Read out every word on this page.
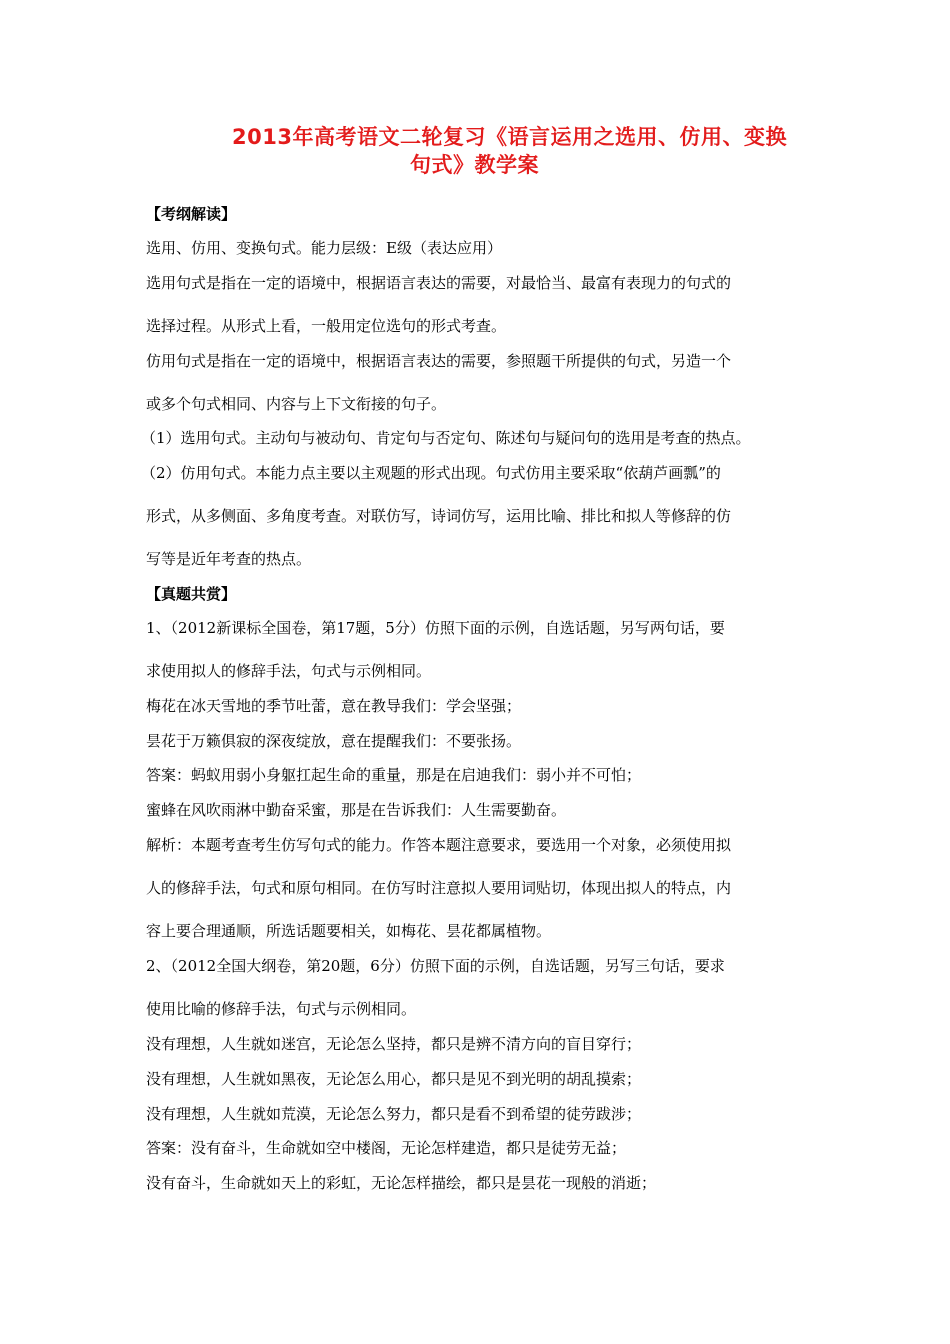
2013年高考语文二轮复习《语言运用之选用、仿用、变换
句式》教学案
【考纲解读】
选用、仿用、变换句式。能力层级：E级（表达应用）
选用句式是指在一定的语境中，根据语言表达的需要，对最恰当、最富有表现力的句式的
选择过程。从形式上看，一般用定位选句的形式考查。
仿用句式是指在一定的语境中，根据语言表达的需要，参照题干所提供的句式，另造一个
或多个句式相同、内容与上下文衔接的句子。
（1）选用句式。主动句与被动句、肯定句与否定句、陈述句与疑问句的选用是考查的热点。
（2）仿用句式。本能力点主要以主观题的形式出现。句式仿用主要采取“依葫芦画瓢”的
形式，从多侧面、多角度考查。对联仿写，诗词仿写，运用比喻、排比和拟人等修辞的仿
写等是近年考查的热点。
【真题共赏】
1、（2012新课标全国卷，第17题，5分）仿照下面的示例，自选话题，另写两句话，要
求使用拟人的修辞手法，句式与示例相同。
梅花在冰天雪地的季节吐蕾，意在教导我们：学会坚强；
昙花于万籁俱寂的深夜绽放，意在提醒我们：不要张扬。
答案：蚂蚁用弱小身躯扛起生命的重量，那是在启迪我们：弱小并不可怕；
蜜蜂在风吹雨淋中勤奋采蜜，那是在告诉我们：人生需要勤奋。
解析：本题考查考生仿写句式的能力。作答本题注意要求，要选用一个对象，必须使用拟
人的修辞手法，句式和原句相同。在仿写时注意拟人要用词贴切，体现出拟人的特点，内
容上要合理通顺，所选话题要相关，如梅花、昙花都属植物。
2、（2012全国大纲卷，第20题，6分）仿照下面的示例，自选话题，另写三句话，要求
使用比喻的修辞手法，句式与示例相同。
没有理想，人生就如迷宫，无论怎么坚持，都只是辨不清方向的盲目穿行；
没有理想，人生就如黑夜，无论怎么用心，都只是见不到光明的胡乱摸索；
没有理想，人生就如荒漠，无论怎么努力，都只是看不到希望的徒劳跋涉；
答案：没有奋斗，生命就如空中楼阁，无论怎样建造，都只是徒劳无益；
没有奋斗，生命就如天上的彩虹，无论怎样描绘，都只是昙花一现般的消逝；
